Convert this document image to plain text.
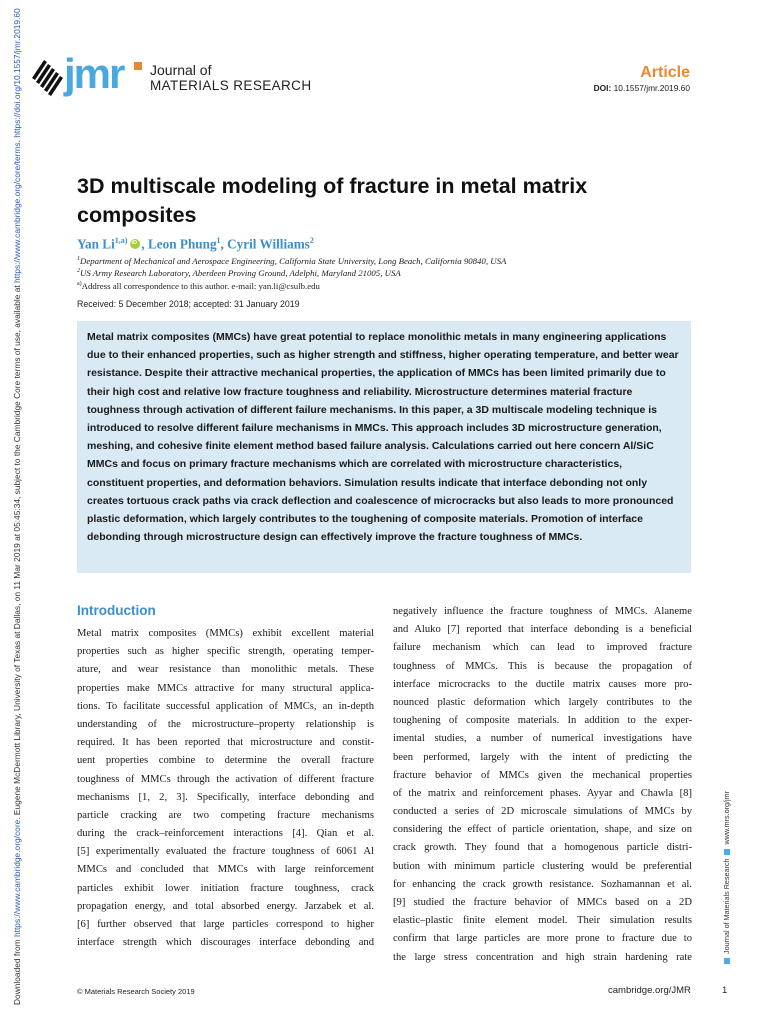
Downloaded from https://www.cambridge.org/core. Eugene McDermott Library, University of Texas at Dallas, on 11 Mar 2019 at 05:45:34, subject to the Cambridge Core terms of use, available at https://www.cambridge.org/core/terms. https://doi.org/10.1557/jmr.2019.60
Journal of Materials Researchwww.mrs.org/jmr
jmr Journal of
MATERIALS RESEARCH
Article
DOI: 10.1557/jmr.2019.60
3D multiscale modeling of fracture in metal matrix composites
Yan Li$^{1,a)}$iD , Leon Phung$^1$, Cyril Williams$^2$
$^1$Department of Mechanical and Aerospace Engineering, California State University, Long Beach, California 90840, USA
$^2$US Army Research Laboratory, Aberdeen Proving Ground, Adelphi, Maryland 21005, USA
$^{a)}$Address all correspondence to this author. e-mail: yan.li@csulb.edu
Received: 5 December 2018; accepted: 31 January 2019

Metal matrix composites (MMCs) have great potential to replace monolithic metals in many engineering applications due to their enhanced properties, such as higher strength and stiffness, higher operating temperature, and better wear resistance. Despite their attractive mechanical properties, the application of MMCs has been limited primarily due to their high cost and relative low fracture toughness and reliability. Microstructure determines material fracture toughness through activation of different failure mechanisms. In this paper, a 3D multiscale modeling technique is introduced to resolve different failure mechanisms in MMCs. This approach includes 3D microstructure generation, meshing, and cohesive finite element method based failure analysis. Calculations carried out here concern Al/SiC MMCs and focus on primary fracture mechanisms which are correlated with microstructure characteristics, constituent properties, and deformation behaviors. Simulation results indicate that interface debonding not only creates tortuous crack paths via crack deflection and coalescence of microcracks but also leads to more pronounced plastic deformation, which largely contributes to the toughening of composite materials. Promotion of interface debonding through microstructure design can effectively improve the fracture toughness of MMCs.

Introduction
Metal matrix composites (MMCs) exhibit excellent material
properties such as higher specific strength, operating temper-
ature, and wear resistance than monolithic metals. These
properties make MMCs attractive for many structural applica-
tions. To facilitate successful application of MMCs, an in-depth
understanding of the microstructure–property relationship is
required. It has been reported that microstructure and constit-
uent properties combine to determine the overall fracture
toughness of MMCs through the activation of different fracture
mechanisms [1, 2, 3]. Specifically, interface debonding and
particle cracking are two competing fracture mechanisms
during the crack–reinforcement interactions [4]. Qian et al.
[5] experimentally evaluated the fracture toughness of 6061 Al
MMCs and concluded that MMCs with large reinforcement
particles exhibit lower initiation fracture toughness, crack
propagation energy, and total absorbed energy. Jarzabek et al.
[6] further observed that large particles correspond to higher
interface strength which discourages interface debonding and
negatively influence the fracture toughness of MMCs. Alaneme
and Aluko [7] reported that interface debonding is a beneficial
failure mechanism which can lead to improved fracture
toughness of MMCs. This is because the propagation of
interface microcracks to the ductile matrix causes more pro-
nounced plastic deformation which largely contributes to the
toughening of composite materials. In addition to the exper-
imental studies, a number of numerical investigations have
been performed, largely with the intent of predicting the
fracture behavior of MMCs given the mechanical properties
of the matrix and reinforcement phases. Ayyar and Chawla [8]
conducted a series of 2D microscale simulations of MMCs by
considering the effect of particle orientation, shape, and size on
crack growth. They found that a homogenous particle distri-
bution with minimum particle clustering would be preferential
for enhancing the crack growth resistance. Sozhamannan et al.
[9] studied the fracture behavior of MMCs based on a 2D
elastic–plastic finite element model. Their simulation results
confirm that large particles are more prone to fracture due to
the large stress concentration and high strain hardening rate
© Materials Research Society 2019	cambridge.org/JMR	1
